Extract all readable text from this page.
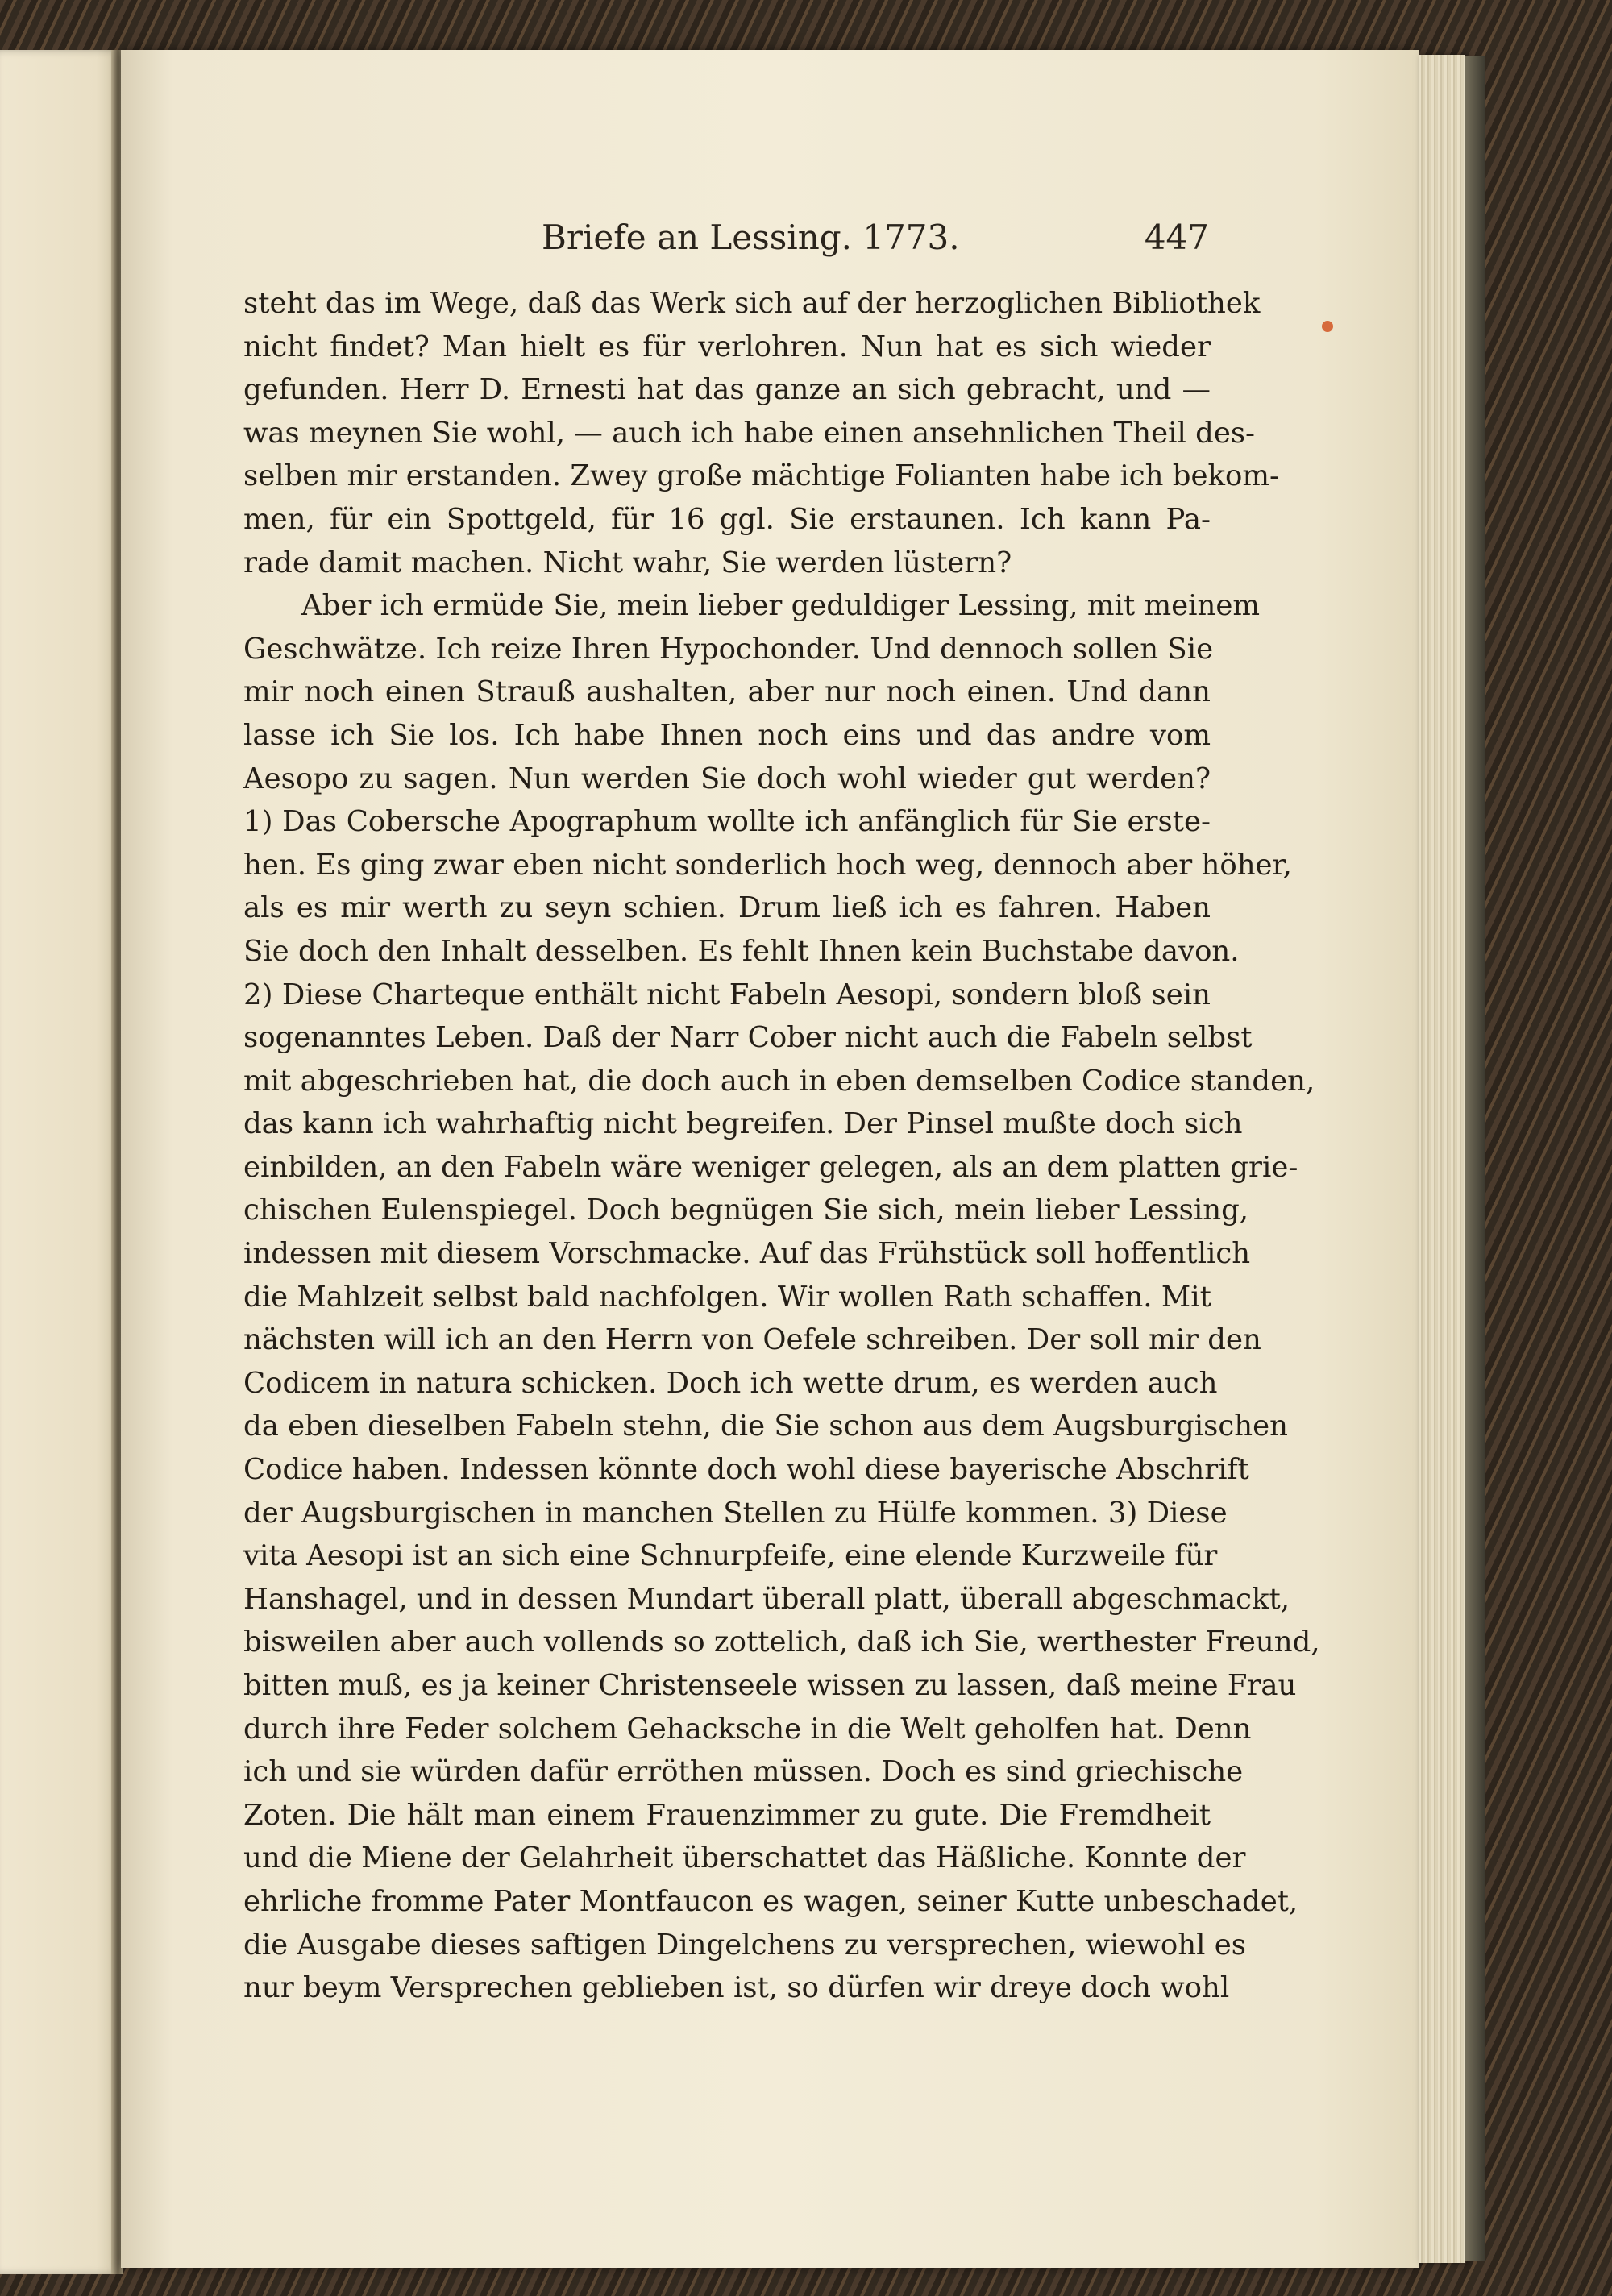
Briefe an Lessing. 1773.	447
steht das im Wege, daß das Werk sich auf der herzoglichen Bibliothek
nicht findet? Man hielt es für verlohren. Nun hat es sich wieder
gefunden. Herr D. Ernesti hat das ganze an sich gebracht, und —
was meynen Sie wohl, — auch ich habe einen ansehnlichen Theil des-
selben mir erstanden. Zwey große mächtige Folianten habe ich bekom-
men, für ein Spottgeld, für 16 ggl. Sie erstaunen. Ich kann Pa-
rade damit machen. Nicht wahr, Sie werden lüstern?
Aber ich ermüde Sie, mein lieber geduldiger Lessing, mit meinem
Geschwätze. Ich reize Ihren Hypochonder. Und dennoch sollen Sie
mir noch einen Strauß aushalten, aber nur noch einen. Und dann
lasse ich Sie los. Ich habe Ihnen noch eins und das andre vom
Aesopo zu sagen. Nun werden Sie doch wohl wieder gut werden?
1) Das Cobersche Apographum wollte ich anfänglich für Sie erste-
hen. Es ging zwar eben nicht sonderlich hoch weg, dennoch aber höher,
als es mir werth zu seyn schien. Drum ließ ich es fahren. Haben
Sie doch den Inhalt desselben. Es fehlt Ihnen kein Buchstabe davon.
2) Diese Charteque enthält nicht Fabeln Aesopi, sondern bloß sein
sogenanntes Leben. Daß der Narr Cober nicht auch die Fabeln selbst
mit abgeschrieben hat, die doch auch in eben demselben Codice standen,
das kann ich wahrhaftig nicht begreifen. Der Pinsel mußte doch sich
einbilden, an den Fabeln wäre weniger gelegen, als an dem platten grie-
chischen Eulenspiegel. Doch begnügen Sie sich, mein lieber Lessing,
indessen mit diesem Vorschmacke. Auf das Frühstück soll hoffentlich
die Mahlzeit selbst bald nachfolgen. Wir wollen Rath schaffen. Mit
nächsten will ich an den Herrn von Oefele schreiben. Der soll mir den
Codicem in natura schicken. Doch ich wette drum, es werden auch
da eben dieselben Fabeln stehn, die Sie schon aus dem Augsburgischen
Codice haben. Indessen könnte doch wohl diese bayerische Abschrift
der Augsburgischen in manchen Stellen zu Hülfe kommen. 3) Diese
vita Aesopi ist an sich eine Schnurpfeife, eine elende Kurzweile für
Hanshagel, und in dessen Mundart überall platt, überall abgeschmackt,
bisweilen aber auch vollends so zottelich, daß ich Sie, werthester Freund,
bitten muß, es ja keiner Christenseele wissen zu lassen, daß meine Frau
durch ihre Feder solchem Gehacksche in die Welt geholfen hat. Denn
ich und sie würden dafür erröthen müssen. Doch es sind griechische
Zoten. Die hält man einem Frauenzimmer zu gute. Die Fremdheit
und die Miene der Gelahrheit überschattet das Häßliche. Konnte der
ehrliche fromme Pater Montfaucon es wagen, seiner Kutte unbeschadet,
die Ausgabe dieses saftigen Dingelchens zu versprechen, wiewohl es
nur beym Versprechen geblieben ist, so dürfen wir dreye doch wohl
